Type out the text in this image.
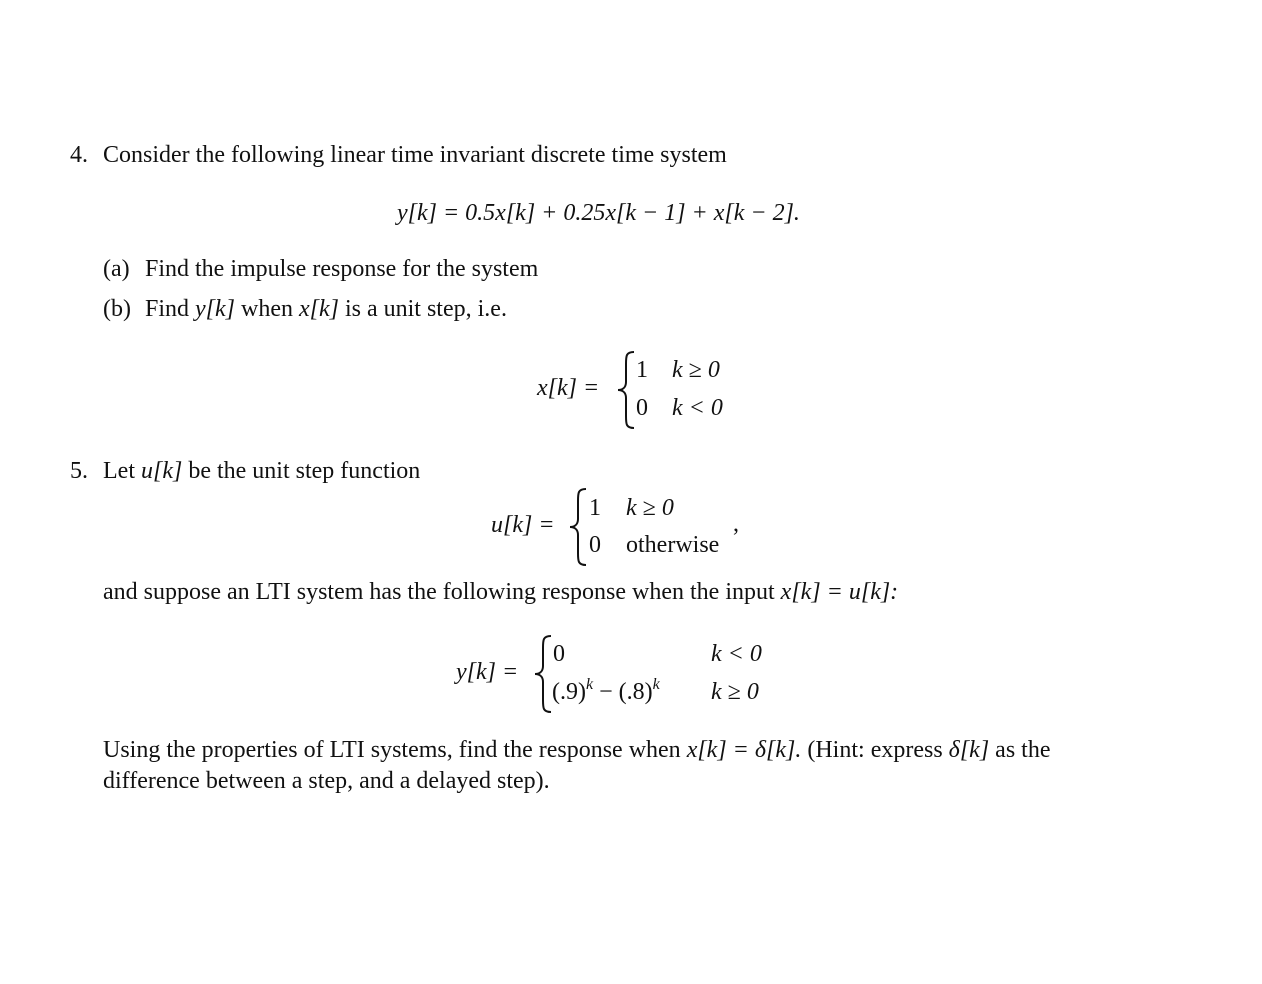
4. Consider the following linear time invariant discrete time system
y[k] = 0.5x[k] + 0.25x[k − 1] + x[k − 2].
(a) Find the impulse response for the system
(b) Find y[k] when x[k] is a unit step, i.e.
x[k] =
1 k ≥ 0
0 k < 0
5. Let u[k] be the unit step function
u[k] =
1 k ≥ 0
0 otherwise
,
and suppose an LTI system has the following response when the input x[k] = u[k]:
y[k] =
0	k < 0
$(.9)^k - (.8)^k$ k ≥ 0
Using the properties of LTI systems, find the response when x[k] = δ[k]. (Hint: express δ[k] as the
difference between a step, and a delayed step).
